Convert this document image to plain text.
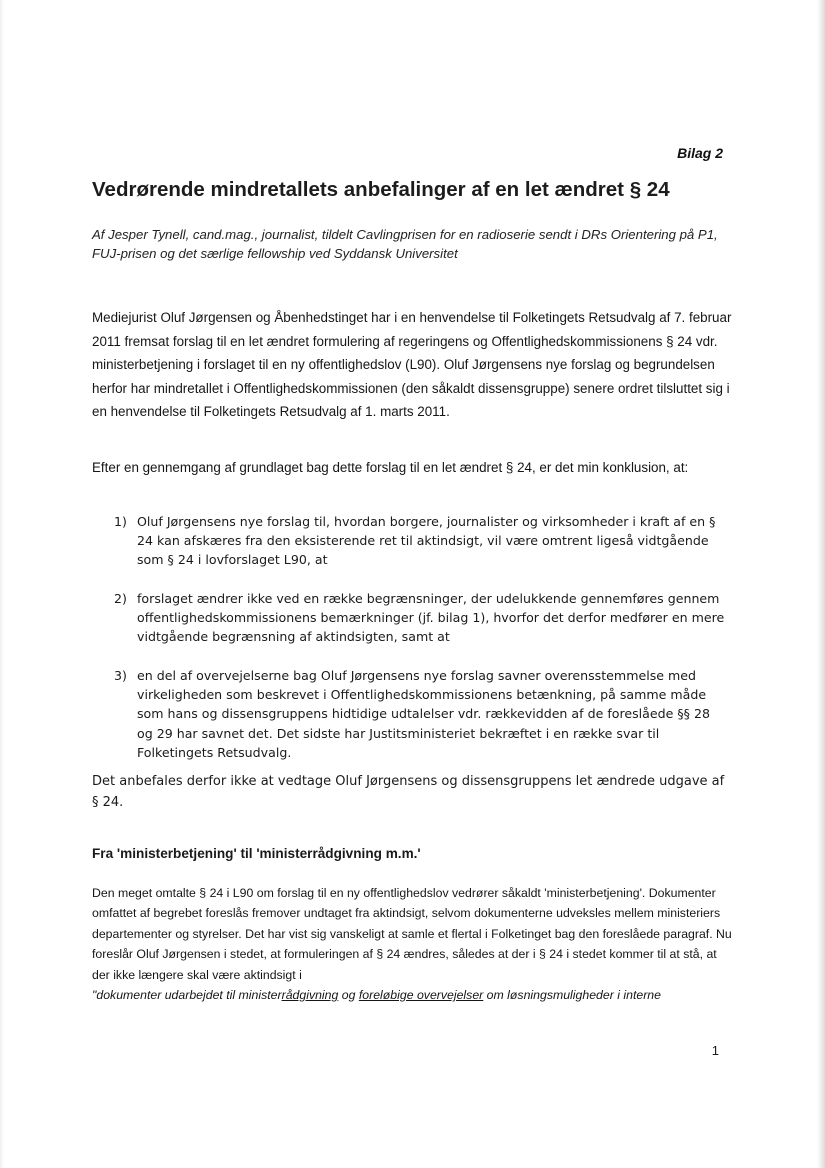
Bilag 2
Vedrørende mindretallets anbefalinger af en let ændret § 24
Af Jesper Tynell, cand.mag., journalist, tildelt Cavlingprisen for en radioserie sendt i DRs Orientering på P1, FUJ-prisen og det særlige fellowship ved Syddansk Universitet
Mediejurist Oluf Jørgensen og Åbenhedstinget har i en henvendelse til Folketingets Retsudvalg af 7. februar 2011 fremsat forslag til en let ændret formulering af regeringens og Offentlighedskommissionens § 24 vdr. ministerbetjening i forslaget til en ny offentlighedslov (L90). Oluf Jørgensens nye forslag og begrundelsen herfor har mindretallet i Offentlighedskommissionen (den såkaldt dissensgruppe) senere ordret tilsluttet sig i en henvendelse til Folketingets Retsudvalg af 1. marts 2011.
Efter en gennemgang af grundlaget bag dette forslag til en let ændret § 24, er det min konklusion, at:
1) Oluf Jørgensens nye forslag til, hvordan borgere, journalister og virksomheder i kraft af en § 24 kan afskæres fra den eksisterende ret til aktindsigt, vil være omtrent ligeså vidtgående som § 24 i lovforslaget L90, at
2) forslaget ændrer ikke ved en række begrænsninger, der udelukkende gennemføres gennem offentlighedskommissionens bemærkninger (jf. bilag 1), hvorfor det derfor medfører en mere vidtgående begrænsning af aktindsigten, samt at
3) en del af overvejelserne bag Oluf Jørgensens nye forslag savner overensstemmelse med virkeligheden som beskrevet i Offentlighedskommissionens betænkning, på samme måde som hans og dissensgruppens hidtidige udtalelser vdr. rækkevidden af de foreslåede §§ 28 og 29 har savnet det. Det sidste har Justitsministeriet bekræftet i en række svar til Folketingets Retsudvalg.
Det anbefales derfor ikke at vedtage Oluf Jørgensens og dissensgruppens let ændrede udgave af § 24.
Fra 'ministerbetjening' til 'ministerrådgivning m.m.'
Den meget omtalte § 24 i L90 om forslag til en ny offentlighedslov vedrører såkaldt 'ministerbetjening'. Dokumenter omfattet af begrebet foreslås fremover undtaget fra aktindsigt, selvom dokumenterne udveksles mellem ministeriers departementer og styrelser. Det har vist sig vanskeligt at samle et flertal i Folketinget bag den foreslåede paragraf. Nu foreslår Oluf Jørgensen i stedet, at formuleringen af § 24 ændres, således at der i § 24 i stedet kommer til at stå, at der ikke længere skal være aktindsigt i
"dokumenter udarbejdet til ministerrådgivning og foreløbige overvejelser om løsningsmuligheder i interne
1
